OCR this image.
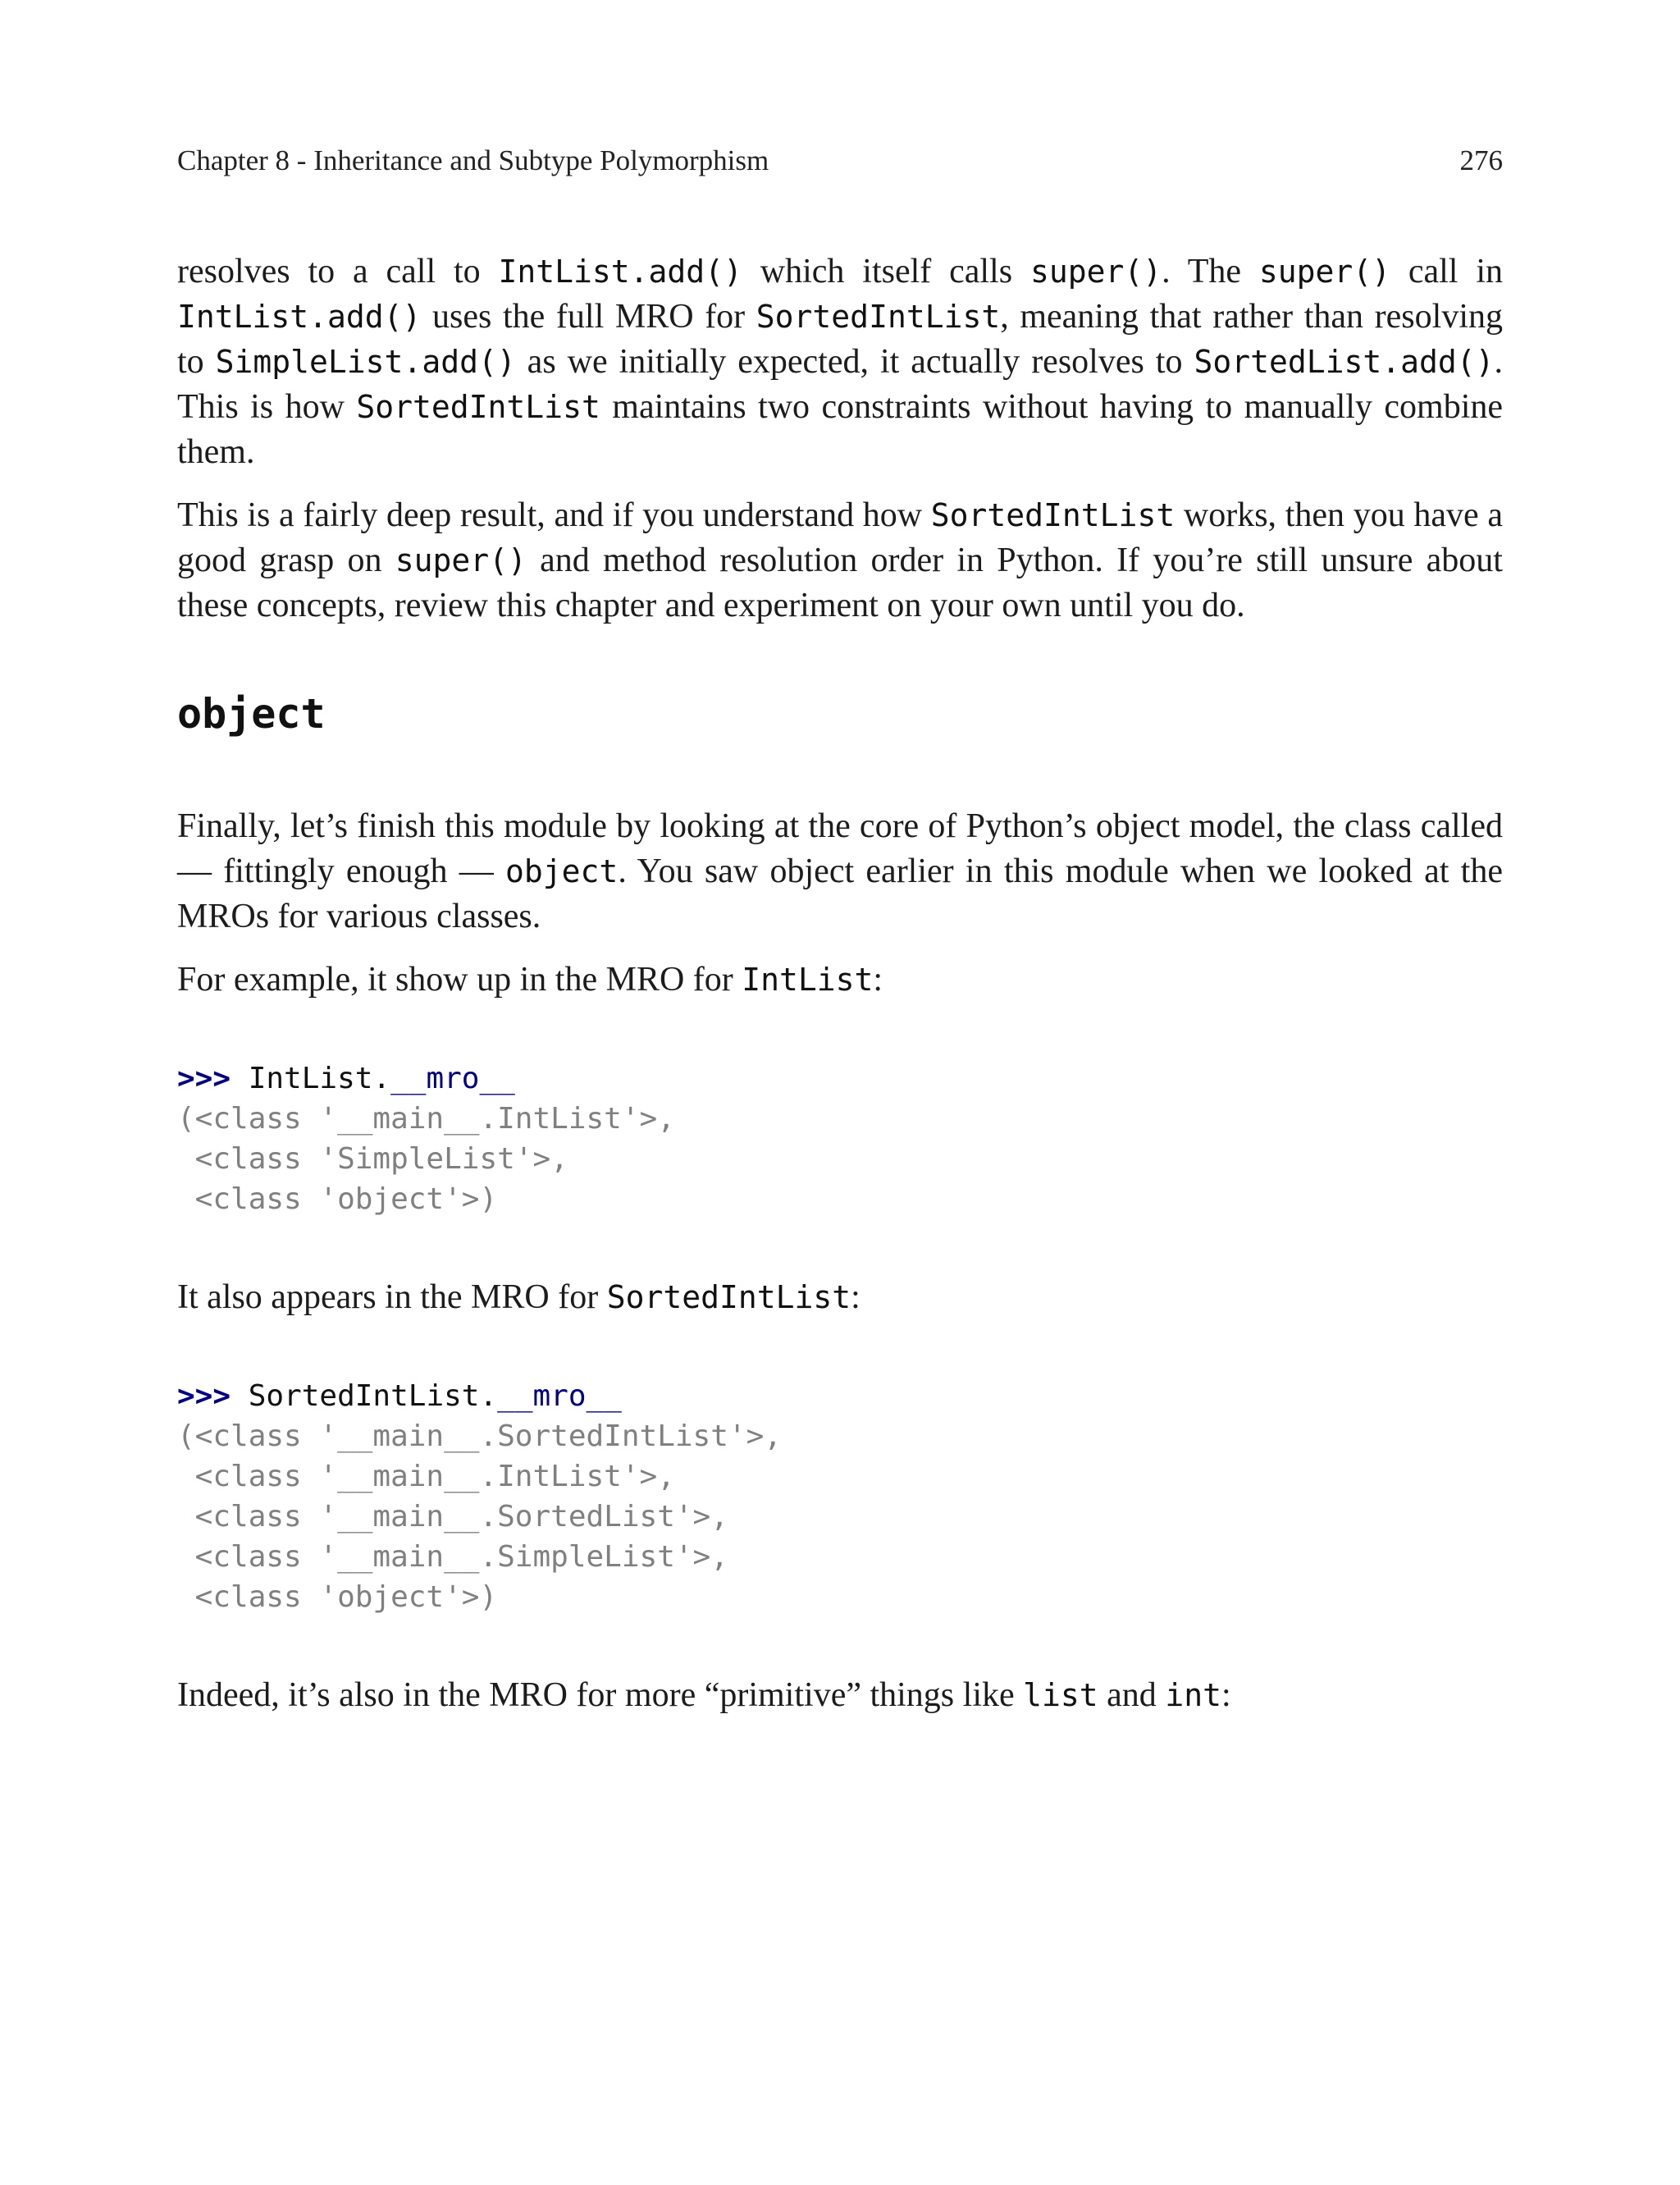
Chapter 8 - Inheritance and Subtype Polymorphism	276

resolves to a call to IntList.add() which itself calls super(). The super() call in IntList.add() uses the full MRO for SortedIntList, meaning that rather than resolving to SimpleList.add() as we initially expected, it actually resolves to SortedList.add(). This is how SortedIntList maintains two constraints without having to manually combine them.

This is a fairly deep result, and if you understand how SortedIntList works, then you have a good grasp on super() and method resolution order in Python. If you’re still unsure about these concepts, review this chapter and experiment on your own until you do.

object

Finally, let’s finish this module by looking at the core of Python’s object model, the class called — fittingly enough — object. You saw object earlier in this module when we looked at the MROs for various classes.

For example, it show up in the MRO for IntList:

>>> IntList.__mro__
(<class '__main__.IntList'>,
<class 'SimpleList'>,
<class 'object'>)

It also appears in the MRO for SortedIntList:

>>> SortedIntList.__mro__
(<class '__main__.SortedIntList'>,
<class '__main__.IntList'>,
<class '__main__.SortedList'>,
<class '__main__.SimpleList'>,
<class 'object'>)

Indeed, it’s also in the MRO for more “primitive” things like list and int:
